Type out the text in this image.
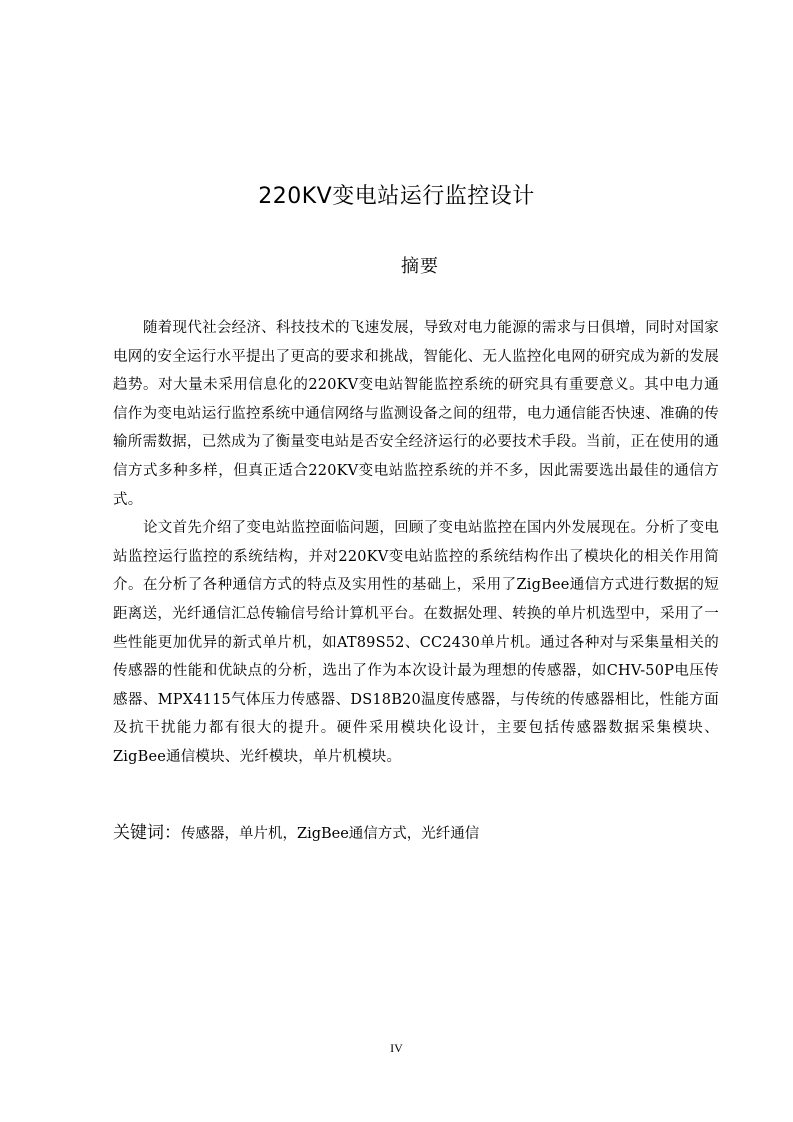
220KV变电站运行监控设计
摘要

随着现代社会经济、科技技术的飞速发展，导致对电力能源的需求与日俱增，同时对国家电网的安全运行水平提出了更高的要求和挑战，智能化、无人监控化电网的研究成为新的发展趋势。对大量未采用信息化的220KV变电站智能监控系统的研究具有重要意义。其中电力通信作为变电站运行监控系统中通信网络与监测设备之间的纽带，电力通信能否快速、准确的传输所需数据，已然成为了衡量变电站是否安全经济运行的必要技术手段。当前，正在使用的通信方式多种多样，但真正适合220KV变电站监控系统的并不多，因此需要选出最佳的通信方式。

论文首先介绍了变电站监控面临问题，回顾了变电站监控在国内外发展现在。分析了变电站监控运行监控的系统结构，并对220KV变电站监控的系统结构作出了模块化的相关作用简介。在分析了各种通信方式的特点及实用性的基础上，采用了ZigBee通信方式进行数据的短距离送，光纤通信汇总传输信号给计算机平台。在数据处理、转换的单片机选型中，采用了一些性能更加优异的新式单片机，如AT89S52、CC2430单片机。通过各种对与采集量相关的传感器的性能和优缺点的分析，选出了作为本次设计最为理想的传感器，如CHV-50P电压传感器、MPX4115气体压力传感器、DS18B20温度传感器，与传统的传感器相比，性能方面及抗干扰能力都有很大的提升。硬件采用模块化设计，主要包括传感器数据采集模块、ZigBee通信模块、光纤模块，单片机模块。

关键词：传感器，单片机，ZigBee通信方式，光纤通信
IV
